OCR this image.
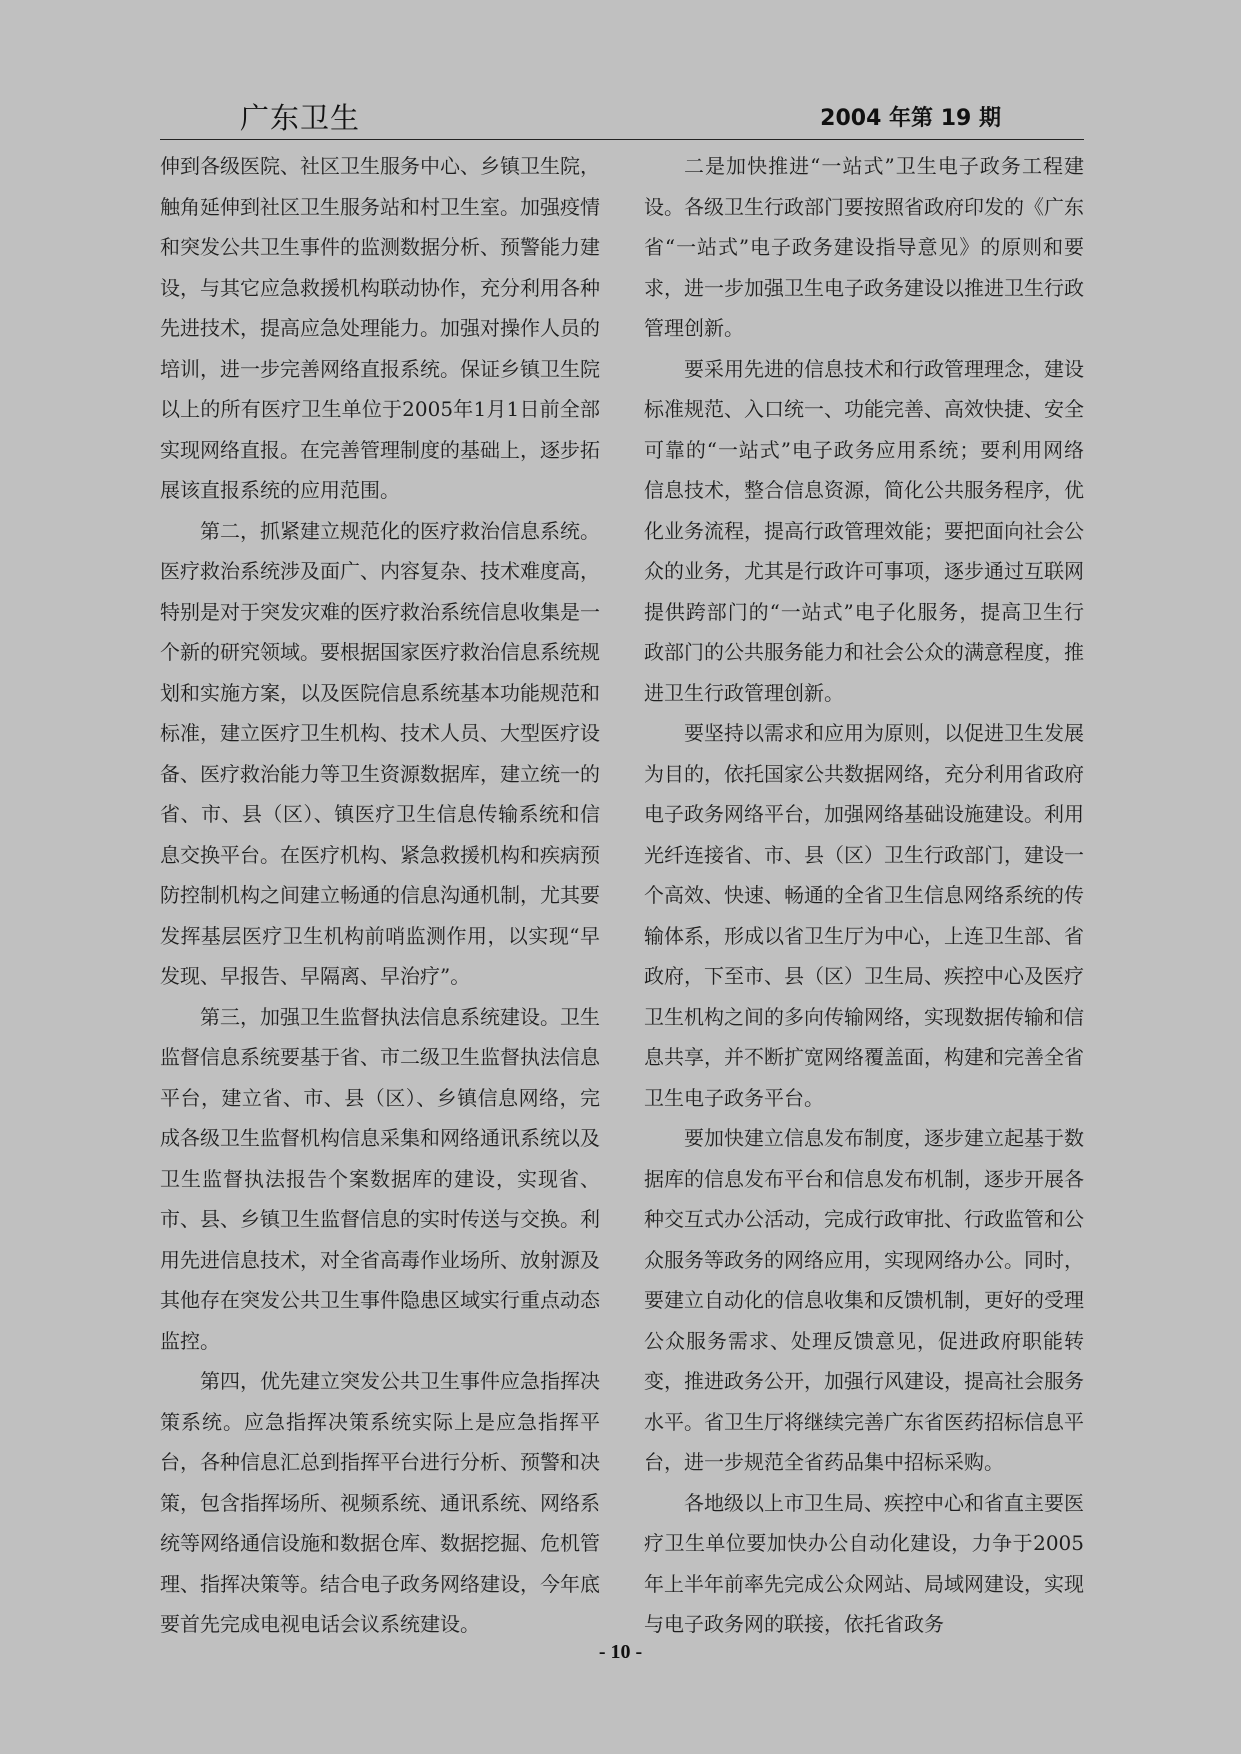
广东卫生	2004 年第 19 期

伸到各级医院、社区卫生服务中心、乡镇卫生院，触角延伸到社区卫生服务站和村卫生室。加强疫情和突发公共卫生事件的监测数据分析、预警能力建设，与其它应急救援机构联动协作，充分利用各种先进技术，提高应急处理能力。加强对操作人员的培训，进一步完善网络直报系统。保证乡镇卫生院以上的所有医疗卫生单位于2005年1月1日前全部实现网络直报。在完善管理制度的基础上，逐步拓展该直报系统的应用范围。

第二，抓紧建立规范化的医疗救治信息系统。医疗救治系统涉及面广、内容复杂、技术难度高，特别是对于突发灾难的医疗救治系统信息收集是一个新的研究领域。要根据国家医疗救治信息系统规划和实施方案，以及医院信息系统基本功能规范和标准，建立医疗卫生机构、技术人员、大型医疗设备、医疗救治能力等卫生资源数据库，建立统一的省、市、县（区）、镇医疗卫生信息传输系统和信息交换平台。在医疗机构、紧急救援机构和疾病预防控制机构之间建立畅通的信息沟通机制，尤其要发挥基层医疗卫生机构前哨监测作用，以实现“早发现、早报告、早隔离、早治疗”。

第三，加强卫生监督执法信息系统建设。卫生监督信息系统要基于省、市二级卫生监督执法信息平台，建立省、市、县（区）、乡镇信息网络，完成各级卫生监督机构信息采集和网络通讯系统以及卫生监督执法报告个案数据库的建设，实现省、市、县、乡镇卫生监督信息的实时传送与交换。利用先进信息技术，对全省高毒作业场所、放射源及其他存在突发公共卫生事件隐患区域实行重点动态监控。

第四，优先建立突发公共卫生事件应急指挥决策系统。应急指挥决策系统实际上是应急指挥平台，各种信息汇总到指挥平台进行分析、预警和决策，包含指挥场所、视频系统、通讯系统、网络系统等网络通信设施和数据仓库、数据挖掘、危机管理、指挥决策等。结合电子政务网络建设，今年底要首先完成电视电话会议系统建设。

二是加快推进“一站式”卫生电子政务工程建设。各级卫生行政部门要按照省政府印发的《广东省“一站式”电子政务建设指导意见》的原则和要求，进一步加强卫生电子政务建设以推进卫生行政管理创新。

要采用先进的信息技术和行政管理理念，建设标准规范、入口统一、功能完善、高效快捷、安全可靠的“一站式”电子政务应用系统；要利用网络信息技术，整合信息资源，简化公共服务程序，优化业务流程，提高行政管理效能；要把面向社会公众的业务，尤其是行政许可事项，逐步通过互联网提供跨部门的“一站式”电子化服务，提高卫生行政部门的公共服务能力和社会公众的满意程度，推进卫生行政管理创新。

要坚持以需求和应用为原则，以促进卫生发展为目的，依托国家公共数据网络，充分利用省政府电子政务网络平台，加强网络基础设施建设。利用光纤连接省、市、县（区）卫生行政部门，建设一个高效、快速、畅通的全省卫生信息网络系统的传输体系，形成以省卫生厅为中心，上连卫生部、省政府，下至市、县（区）卫生局、疾控中心及医疗卫生机构之间的多向传输网络，实现数据传输和信息共享，并不断扩宽网络覆盖面，构建和完善全省卫生电子政务平台。

要加快建立信息发布制度，逐步建立起基于数据库的信息发布平台和信息发布机制，逐步开展各种交互式办公活动，完成行政审批、行政监管和公众服务等政务的网络应用，实现网络办公。同时，要建立自动化的信息收集和反馈机制，更好的受理公众服务需求、处理反馈意见，促进政府职能转变，推进政务公开，加强行风建设，提高社会服务水平。省卫生厅将继续完善广东省医药招标信息平台，进一步规范全省药品集中招标采购。

各地级以上市卫生局、疾控中心和省直主要医疗卫生单位要加快办公自动化建设，力争于2005年上半年前率先完成公众网站、局域网建设，实现与电子政务网的联接，依托省政务

- 10 -
